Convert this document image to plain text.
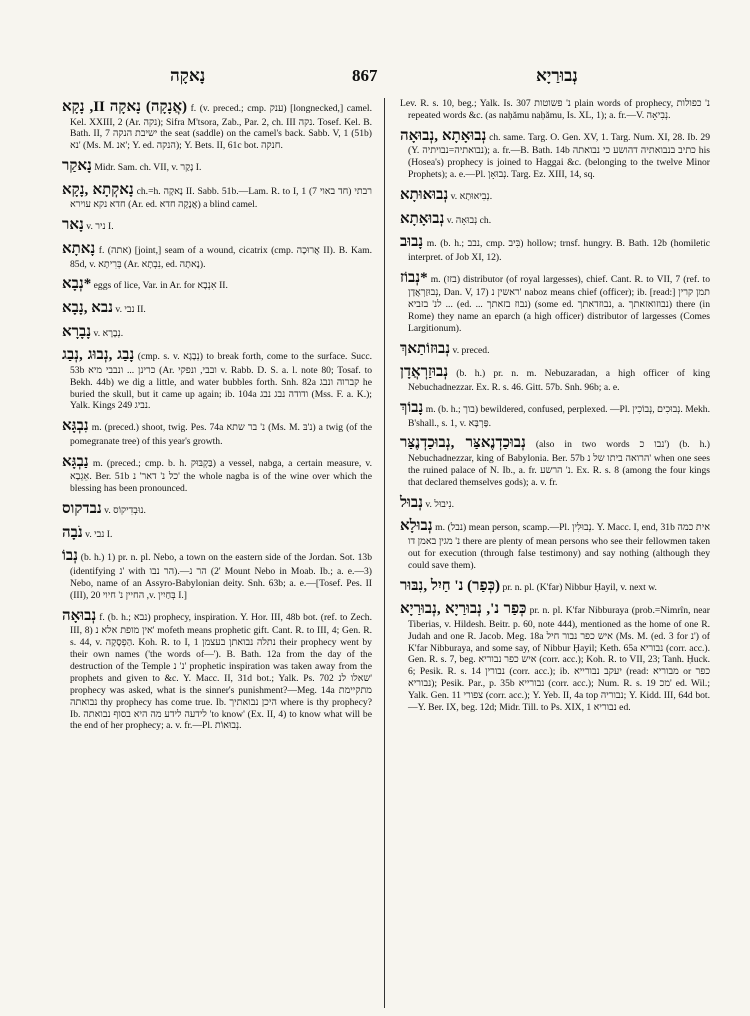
נָאקָה	867	נְבוּרַיָא

(אֲנָקָה) נָאקָה II, נָקָא f. (v. preced.; cmp. ענק) [longnecked,] camel. Kel. XXIII, 2 (Ar. נקה); Sifra M'tsora, Zab., Par. 2, ch. III נקה. Tosef. Kel. B. Bath. II, 7 ישיבת הנקה the seat (saddle) on the camel's back. Sabb. V, 1 (51b) נא' (Ms. M. אנ'; Y. ed. הנקה); Y. Bets. II, 61c bot. חנקה.

נָאקַר Midr. Sam. ch. VII, v. נָקַר I.

נָאקְתָא ,נָקָא ch.=h. נָאקָה II. Sabb. 51b.—Lam. R. to I, 1 (7 חד באוי) רבתי חדא נקא עוירא (Ar. ed. אֲנָקָה חדא) a blind camel.

נָאר v. ניר I.

נָאתָא f. (אתה) [joint,] seam of a wound, cicatrix (cmp. אֲרוּכָה II). B. Kam. 85d, v. בְּרִיתָא (Ar. נִבְתָא, ed. נָאתָה).

*נְבָא eggs of lice, Var. in Ar. for אִנְבָא II.

נבא ,נָבָא v. נבי II.

נָבָרָא v. נְבָרָא.

נָבַג ,נְבוּג ,נְבַג (cmp. s. v. נְבָגָא) to break forth, come to the surface. Succ. 53b כרינן ... ונבבי מיא (Ar. ובבי, ונפקי v. Rabb. D. S. a. l. note 80; Tosaf. to Bekh. 44b) we dig a little, and water bubbles forth. Snh. 82a קברוה ונבג he buried the skull, but it came up again; ib. 104a ודודה נבג נבג (Mss. F. a. K.); Yalk. Kings 249 נביג.

נִבְגָּא m. (preced.) shoot, twig. Pes. 74a נ' בר שתא (Ms. M. נ'בּ) a twig (of the pomegranate tree) of this year's growth.

נַבְגָּא m. (preced.; cmp. b. h. בַּקְבּוּק) a vessel, nabga, a certain measure, v. אֵגְבָא. Ber. 51b כל נ' דאר' נ' the whole nagba is of the wine over which the blessing has been pronounced.

נבדקוס v. נוּבְדִיקוֹס.

נֹבָה v. נבי I.

נְבוֹ (b. h.) 1) pr. n. pl. Nebo, a town on the eastern side of the Jordan. Sot. 13b (identifying נ' with הר נבו).—2) הר נ' Mount Nebo in Moab. Ib.; a. e.—3) Nebo, name of an Assyro-Babylonian deity. Snh. 63b; a. e.—[Tosef. Pes. II (III), 20 החיין נ' חיוי ,v. בְּחַיִין I.]

נְבוּאָה f. (b. h.; נבא) prophecy, inspiration. Y. Hor. III, 48b bot. (ref. to Zech. III, 8) אין מופת אלא נ' mofeth means prophetic gift. Cant. R. to III, 4; Gen. R. s. 44, v. הַפְסָקָה. Koh. R. to I, 1 נתלה נבואתן בעצמן their prophecy went by their own names ('the words of—'). B. Bath. 12a from the day of the destruction of the Temple נ' נ' prophetic inspiration was taken away from the prophets and given to &c. Y. Macc. II, 31d bot.; Yalk. Ps. 702 שאלו לנ' prophecy was asked, what is the sinner's punishment?—Meg. 14a מתקיימת נבואתה thy prophecy has come true. Ib. היכן נבואתיך where is thy prophecy? Ib. לידעה לידע מה היא בסוף נבואתה 'to know' (Ex. II, 4) to know what will be the end of her prophecy; a. v. fr.—Pl. נְבוּאוֹת.

Lev. R. s. 10, beg.; Yalk. Is. 307 נ' פשוטות plain words of prophecy, נ' כפולות repeated words &c. (as naḥămu naḥămu, Is. XL, 1); a. fr.—V. נְבִיאָה.

נְבוּאָתָא ,נְבוּאָה ch. same. Targ. O. Gen. XV, 1. Targ. Num. XI, 28. Ib. 29 (Y. נבואתיה=נבויתיה); a. fr.—B. Bath. 14b כתיב בנבואתיה דהושע כי נבואתה his (Hosea's) prophecy is joined to Haggai &c. (belonging to the twelve Minor Prophets); a. e.—Pl. נְבוּאָן. Targ. Ez. XIII, 14, sq.

נְבוּאוּתָא v. נְבִיאוּתָא.

נְבוּאָתָא v. נְבוּאָה ch.

נָבוּב m. (b. h.; נבב, cmp. בִּיב) hollow; trnsf. hungry. B. Bath. 12b (homiletic interpret. of Job XI, 12).

*נְבוֹז m. (בזז) distributor (of royal largesses), chief. Cant. R. to VII, 7 (ref. to נְבוּזַרְאֲדָן, Dan. V, 17) ראשין נ' naboz means chief (officer); ib. [read:] תמן קרין ... לנ' בזביא (ed. ... נבוז בזאתך) (some ed. נבוזדאתך, a. נבוזואזאתך) there (in Rome) they name an eparch (a high officer) distributor of largesses (Comes Largitionum).

נְבוּזוֹתַאךְ v. preced.

נְבוּזַרְאֲדָן (b. h.) pr. n. m. Nebuzaradan, a high officer of king Nebuchadnezzar. Ex. R. s. 46. Gitt. 57b. Snh. 96b; a. e.

נָבוֹךְ m. (b. h.; בוך) bewildered, confused, perplexed. —Pl. נְבוּכִים ,נְבוֹכִין. Mekh. B'shall., s. 1, v. פָּרְבָּא.

נְבוּכַדְנֶאצַּר ,נְבוּכַדְנֶצַּר (also in two words נבו כ') (b. h.) Nebuchadnezzar, king of Babylonia. Ber. 57b הרואה ביתו של נ' when one sees the ruined palace of N. Ib., a. fr. נ' הרשע. Ex. R. s. 8 (among the four kings that declared themselves gods); a. v. fr.

נְבוּל v. נִיבוּל.

נְבוּלָא m. (נבל) mean person, scamp.—Pl. נְבוּלִין. Y. Macc. I, end, 31b אית כמה נ' מגין באמן דו there are plenty of mean persons who see their fellowmen taken out for execution (through false testimony) and say nothing (although they could save them).

(כְּפַר) נ' חַיִל ,נִבּוּר pr. n. pl. (K'far) Nibbur Ḥayil, v. next w.

כְּפַר נ', נְבוּרַיָא ,נְבוּרַיָא pr. n. pl. K'far Nibburaya (prob.=Nimrîn, near Tiberias, v. Hildesh. Beitr. p. 60, note 444), mentioned as the home of one R. Judah and one R. Jacob. Meg. 18a איש כפר נבור חיל (Ms. M. (ed. 3 for נ') of K'far Nibburaya, and some say, of Nibbur Ḥayil; Keth. 65a נבוריא (corr. acc.). Gen. R. s. 7, beg. איש כפר נבוריא (corr. acc.); Koh. R. to VII, 23; Tanh. Ḥuck. 6; Pesik. R. s. 14 נבורין (corr. acc.); ib. יעקב נבורייא (read: מבוריא or כפר נבוריא); Pesik. Par., p. 35b נבורייא (corr. acc.); Num. R. s. 19 מכ' ed. Wil.; Yalk. Gen. 11 צפורי (corr. acc.); Y. Yeb. II, 4a top נבוריה; Y. Kidd. III, 64d bot.—Y. Ber. IX, beg. 12d; Midr. Till. to Ps. XIX, 1 נבוריא ed.
